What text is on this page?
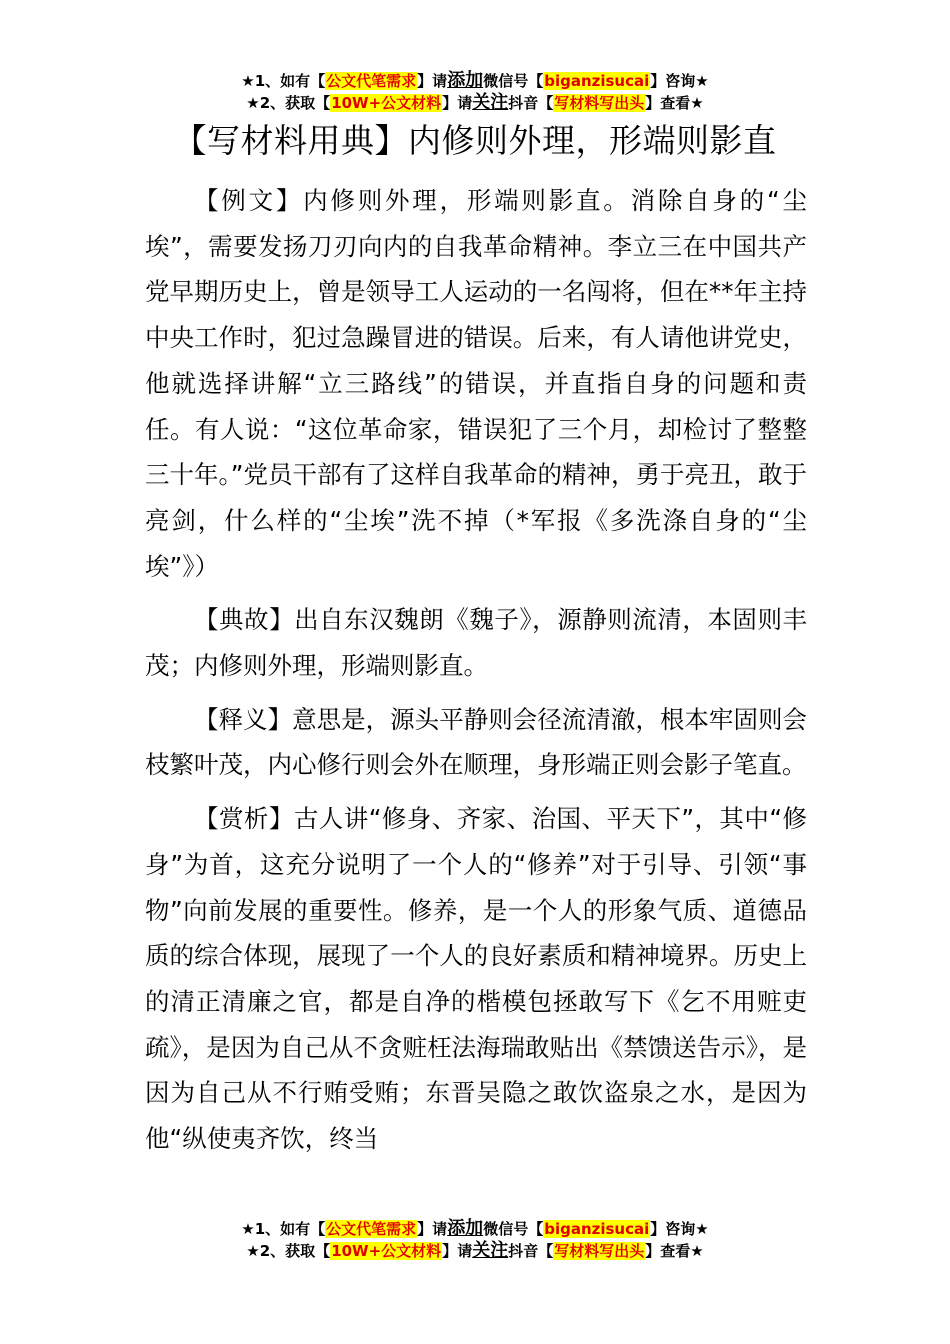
★1、如有【公文代笔需求】请添加微信号【biganzisucai】咨询★
★2、获取【10W+公文材料】请关注抖音【写材料写出头】查看★
【写材料用典】内修则外理，形端则影直

【例文】内修则外理，形端则影直。消除自身的“尘埃”，需要发扬刀刃向内的自我革命精神。李立三在中国共产党早期历史上，曾是领导工人运动的一名闯将，但在**年主持中央工作时，犯过急躁冒进的错误。后来，有人请他讲党史，他就选择讲解“立三路线”的错误，并直指自身的问题和责任。有人说：“这位革命家，错误犯了三个月，却检讨了整整三十年。”党员干部有了这样自我革命的精神，勇于亮丑，敢于亮剑，什么样的“尘埃”洗不掉（*军报《多洗涤自身的“尘埃”》）

【典故】出自东汉魏朗《魏子》，源静则流清，本固则丰茂；内修则外理，形端则影直。

【释义】意思是，源头平静则会径流清澈，根本牢固则会枝繁叶茂，内心修行则会外在顺理，身形端正则会影子笔直。

【赏析】古人讲“修身、齐家、治国、平天下”，其中“修身”为首，这充分说明了一个人的“修养”对于引导、引领“事物”向前发展的重要性。修养，是一个人的形象气质、道德品质的综合体现，展现了一个人的良好素质和精神境界。历史上的清正清廉之官，都是自净的楷模包拯敢写下《乞不用赃吏疏》，是因为自己从不贪赃枉法海瑞敢贴出《禁馈送告示》，是因为自己从不行贿受贿；东晋吴隐之敢饮盗泉之水，是因为他“纵使夷齐饮，终当

★1、如有【公文代笔需求】请添加微信号【biganzisucai】咨询★
★2、获取【10W+公文材料】请关注抖音【写材料写出头】查看★
